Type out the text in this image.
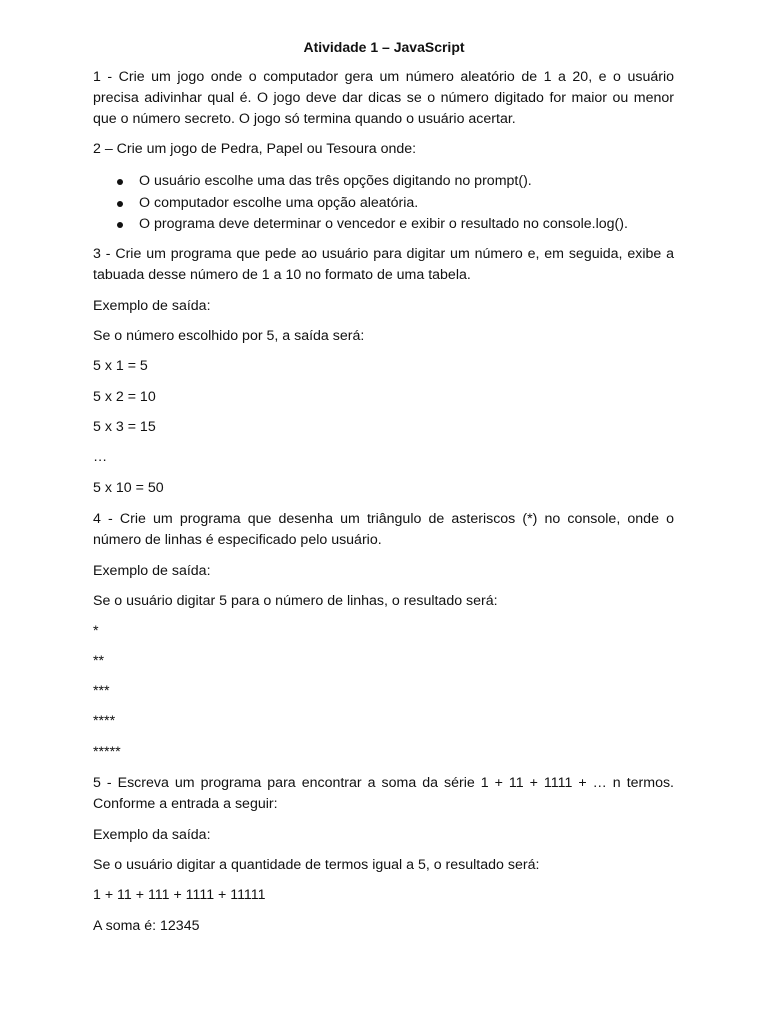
Atividade 1 – JavaScript

1 - Crie um jogo onde o computador gera um número aleatório de 1 a 20, e o usuário precisa adivinhar qual é. O jogo deve dar dicas se o número digitado for maior ou menor que o número secreto. O jogo só termina quando o usuário acertar.

2 – Crie um jogo de Pedra, Papel ou Tesoura onde:
O usuário escolhe uma das três opções digitando no prompt().
O computador escolhe uma opção aleatória.
O programa deve determinar o vencedor e exibir o resultado no console.log().

3 - Crie um programa que pede ao usuário para digitar um número e, em seguida, exibe a tabuada desse número de 1 a 10 no formato de uma tabela.

Exemplo de saída:
Se o número escolhido por 5, a saída será:
5 x 1 = 5
5 x 2 = 10
5 x 3 = 15
…
5 x 10 = 50

4 - Crie um programa que desenha um triângulo de asteriscos (*) no console, onde o número de linhas é especificado pelo usuário.

Exemplo de saída:
Se o usuário digitar 5 para o número de linhas, o resultado será:
*
**
***
****
*****

5 - Escreva um programa para encontrar a soma da série 1 + 11 + 1111 + … n termos. Conforme a entrada a seguir:

Exemplo da saída:
Se o usuário digitar a quantidade de termos igual a 5, o resultado será:
1 + 11 + 111 + 1111 + 11111
A soma é: 12345
